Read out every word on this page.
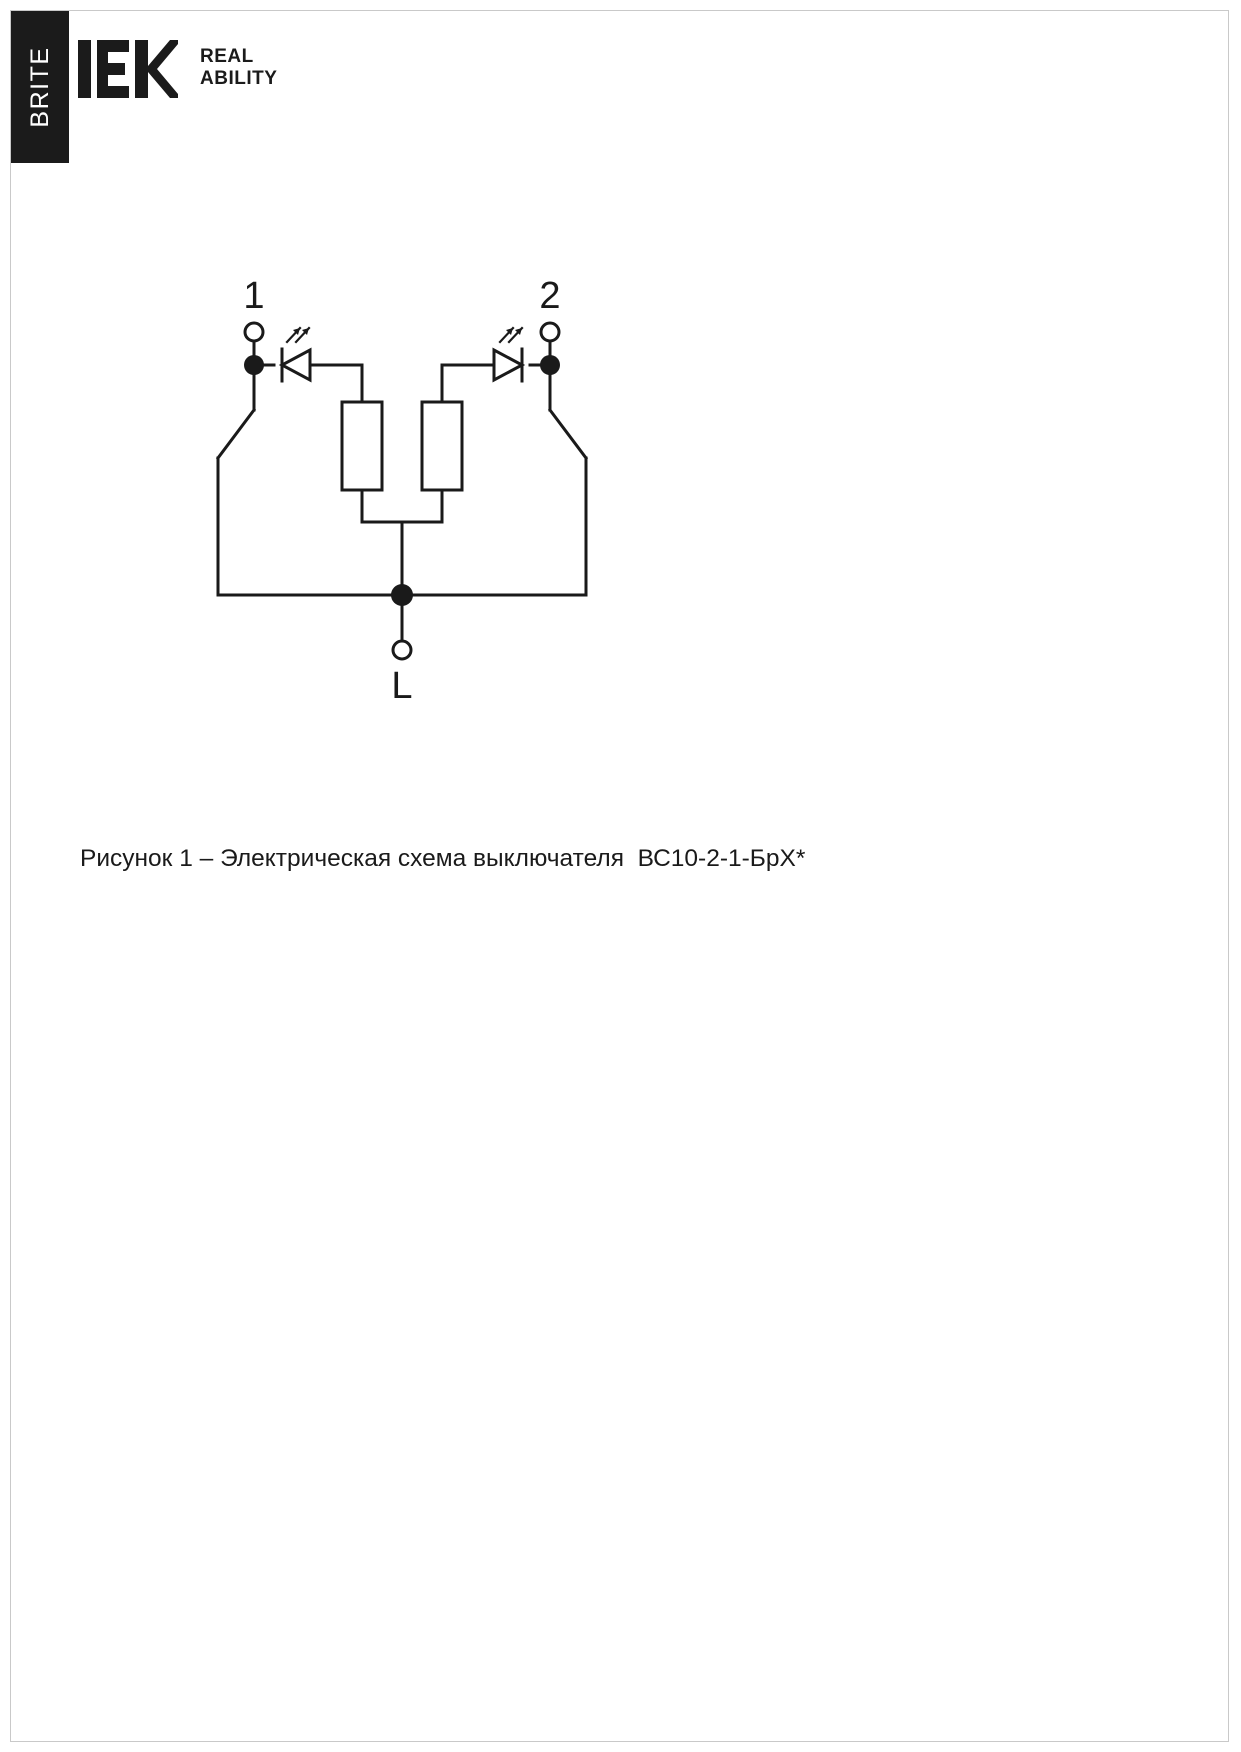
BRITE	REAL
ABILITY
1	2
L
Рисунок 1 – Электрическая схема выключателя  ВС10-2-1-БрХ*
